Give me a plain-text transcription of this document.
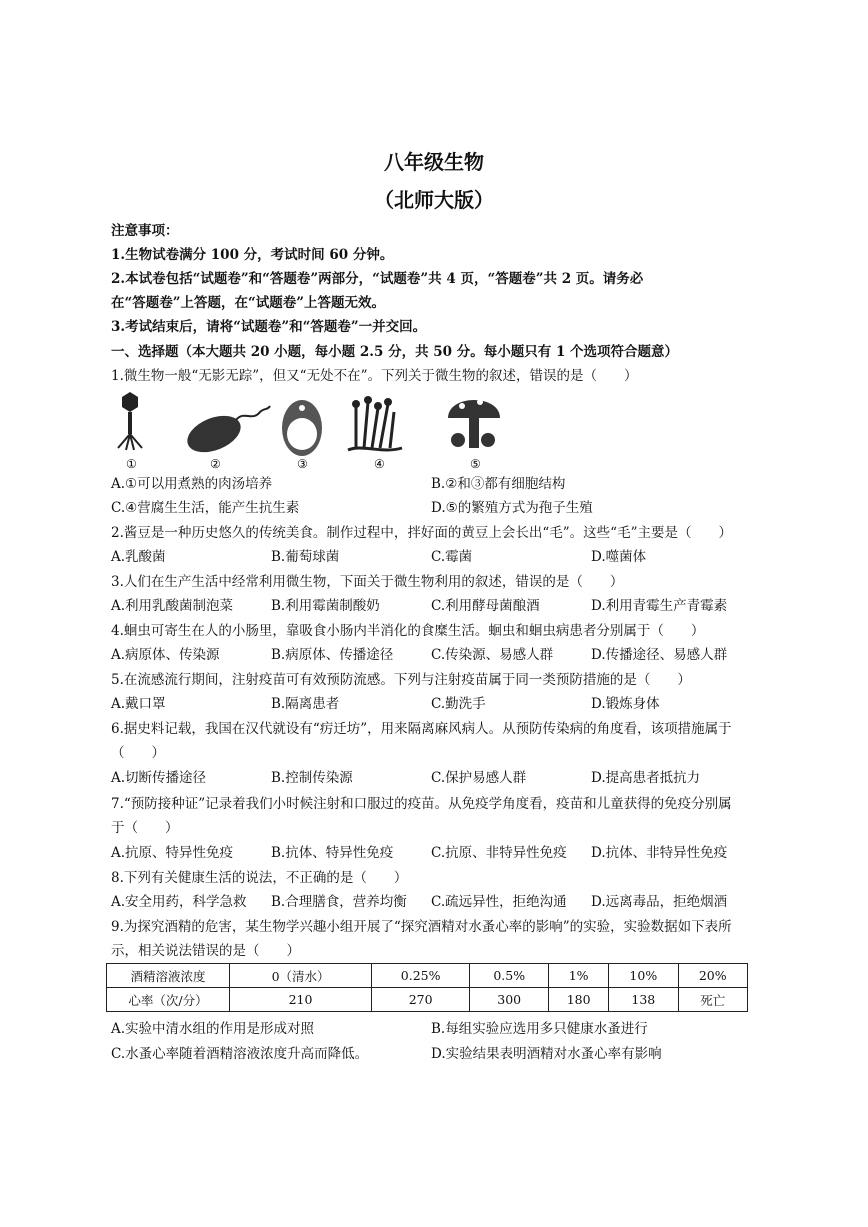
八年级生物
（北师大版）
注意事项：
1.生物试卷满分 100 分，考试时间 60 分钟。
2.本试卷包括“试题卷”和“答题卷”两部分，“试题卷”共 4 页，“答题卷”共 2 页。请务必
在“答题卷”上答题，在“试题卷”上答题无效。
3.考试结束后，请将“试题卷”和“答题卷”一并交回。
一、选择题（本大题共 20 小题，每小题 2.5 分，共 50 分。每小题只有 1 个选项符合题意）
1.微生物一般“无影无踪”，但又“无处不在”。下列关于微生物的叙述，错误的是（　　）
①	②	③	④	⑤
A.①可以用煮熟的肉汤培养	B.②和③都有细胞结构
C.④营腐生生活，能产生抗生素	D.⑤的繁殖方式为孢子生殖
2.酱豆是一种历史悠久的传统美食。制作过程中，拌好面的黄豆上会长出“毛”。这些“毛”主要是（　　）
A.乳酸菌	B.葡萄球菌	C.霉菌	D.噬菌体
3.人们在生产生活中经常利用微生物，下面关于微生物利用的叙述，错误的是（　　）
A.利用乳酸菌制泡菜	B.利用霉菌制酸奶	C.利用酵母菌酿酒	D.利用青霉生产青霉素
4.蛔虫可寄生在人的小肠里，靠吸食小肠内半消化的食糜生活。蛔虫和蛔虫病患者分别属于（　　）
A.病原体、传染源	B.病原体、传播途径	C.传染源、易感人群	D.传播途径、易感人群
5.在流感流行期间，注射疫苗可有效预防流感。下列与注射疫苗属于同一类预防措施的是（　　）
A.戴口罩	B.隔离患者	C.勤洗手	D.锻炼身体
6.据史料记载，我国在汉代就设有“疠迁坊”，用来隔离麻风病人。从预防传染病的角度看，该项措施属于
（　　）
A.切断传播途径	B.控制传染源	C.保护易感人群	D.提高患者抵抗力
7.“预防接种证”记录着我们小时候注射和口服过的疫苗。从免疫学角度看，疫苗和儿童获得的免疫分别属
于（　　）
A.抗原、特异性免疫	B.抗体、特异性免疫	C.抗原、非特异性免疫 D.抗体、非特异性免疫
8.下列有关健康生活的说法，不正确的是（　　）
A.安全用药，科学急救 B.合理膳食，营养均衡 C.疏远异性，拒绝沟通 D.远离毒品，拒绝烟酒
9.为探究酒精的危害，某生物学兴趣小组开展了“探究酒精对水蚤心率的影响”的实验，实验数据如下表所
示，相关说法错误的是（　　）
酒精溶液浓度	0（清水）	0.25%	0.5%	1%	10%	20%
心率（次/分）	210	270	300	180	138	死亡
A.实验中清水组的作用是形成对照	B.每组实验应选用多只健康水蚤进行
C.水蚤心率随着酒精溶液浓度升高而降低。	D.实验结果表明酒精对水蚤心率有影响
